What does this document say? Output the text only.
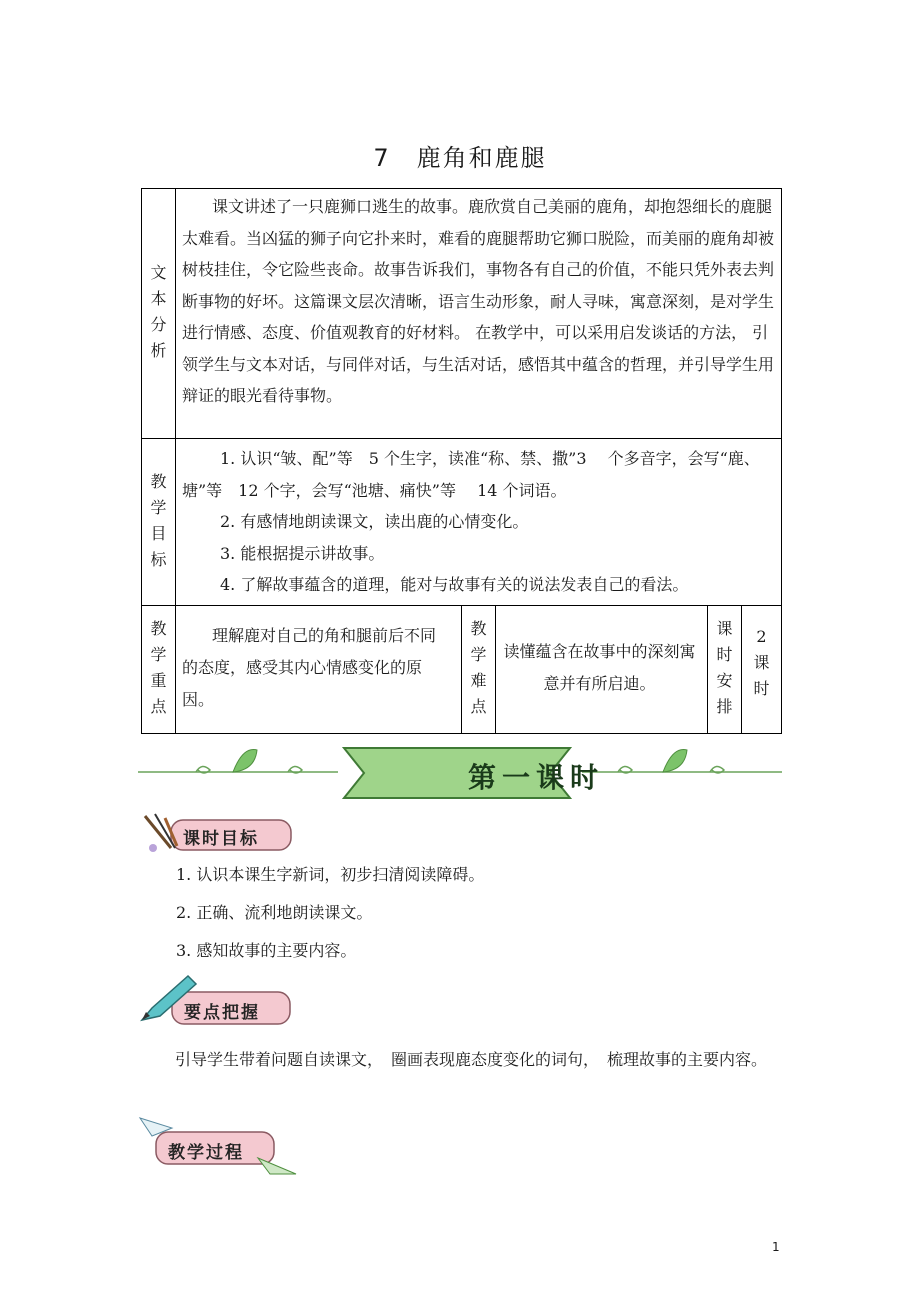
7 鹿角和鹿腿
文本分析	课文讲述了一只鹿狮口逃生的故事。鹿欣赏自己美丽的鹿角，却抱怨细长的鹿腿太难看。当凶猛的狮子向它扑来时，难看的鹿腿帮助它狮口脱险，而美丽的鹿角却被树枝挂住，令它险些丧命。故事告诉我们，事物各有自己的价值，不能只凭外表去判断事物的好坏。这篇课文层次清晰，语言生动形象，耐人寻味，寓意深刻，是对学生进行情感、态度、价值观教育的好材料。 在教学中，可以采用启发谈话的方法， 引领学生与文本对话，与同伴对话，与生活对话，感悟其中蕴含的哲理，并引导学生用辩证的眼光看待事物。				

教学目标	1. 认识“皱、配”等　5 个生字，读准“称、禁、撒”3　 个多音字，会写“鹿、塘”等　12 个字，会写“池塘、痛快”等　 14 个词语。

2. 有感情地朗读课文，读出鹿的心情变化。

3. 能根据提示讲故事。

4. 了解故事蕴含的道理，能对与故事有关的说法发表自己的看法。				

教学重点	理解鹿对自己的角和腿前后不同的态度，感受其内心情感变化的原因。	教学难点	读懂蕴含在故事中的深刻寓意并有所启迪。	课时安排	2课时
第一课时
课时目标

1. 认识本课生字新词，初步扫清阅读障碍。

2. 正确、流利地朗读课文。

3. 感知故事的主要内容。

要点把握
引导学生带着问题自读课文，　圈画表现鹿态度变化的词句，　梳理故事的主要内容。
教学过程
1
